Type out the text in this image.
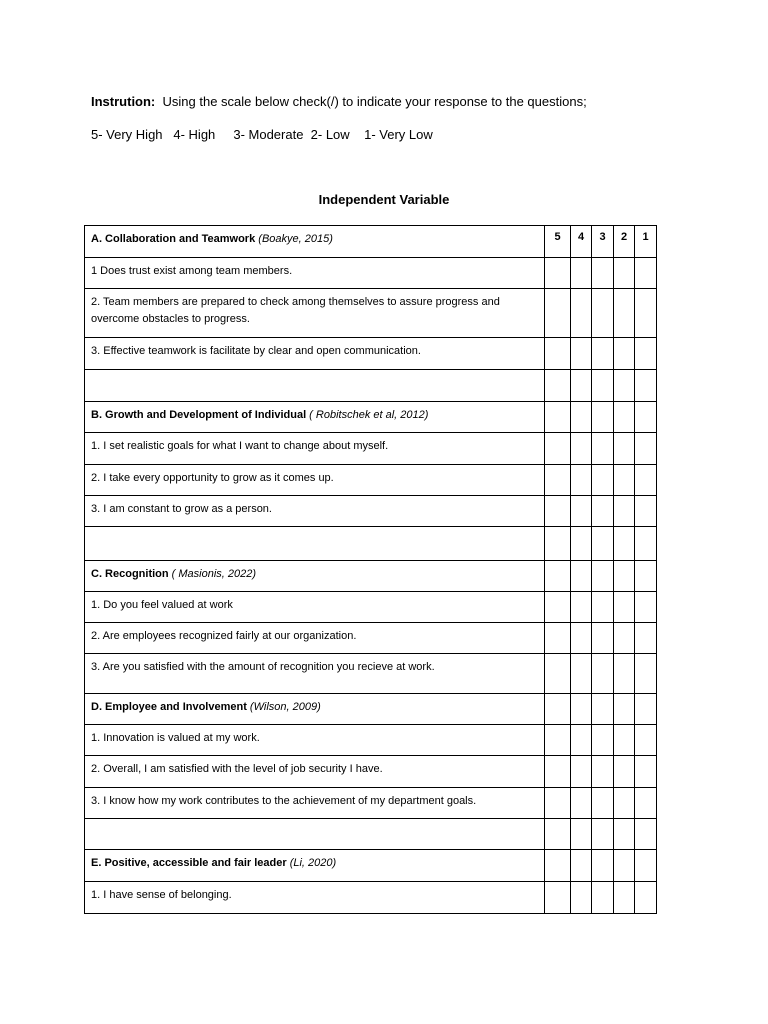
Instrution: Using the scale below check(/) to indicate your response to the questions;
5- Very High   4- High     3- Moderate  2- Low    1- Very Low
Independent Variable
A. Collaboration and Teamwork (Boakye, 2015)	5	4	3	2	1
1 Does trust exist among team members.					
2. Team members are prepared to check among themselves to assure progress and overcome obstacles to progress.					
3. Effective teamwork is facilitate by clear and open communication.					

B. Growth and Development of Individual ( Robitschek et al, 2012)					
1. I set realistic goals for what I want to change about myself.					
2. I take every opportunity to grow as it comes up.					
3. I am constant to grow as a person.					

C. Recognition ( Masionis, 2022)					
1. Do you feel valued at work					
2. Are employees recognized fairly at our organization.					
3. Are you satisfied with the amount of recognition you recieve at work.					
D. Employee and Involvement (Wilson, 2009)					
1. Innovation is valued at my work.					
2. Overall, I am satisfied with the level of job security I have.					
3. I know how my work contributes to the achievement of my department goals.					

E. Positive, accessible and fair leader (Li, 2020)					
1. I have sense of belonging.					
